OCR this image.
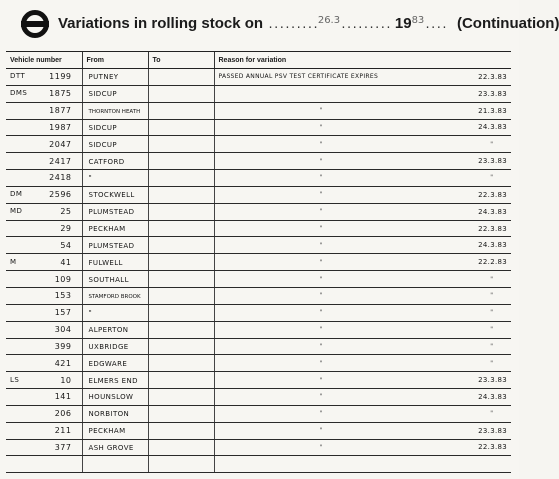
Variations in rolling stock on .........$^{26.3}$......... $19^{83}$.... (Continuation)
Vehicle number	From	To	Reason for variation

DTT 1199	PUTNEY		PASSED ANNUAL PSV TEST CERTIFICATE EXPIRES 22.3.83

DMS 1875	SIDCUP		23.3.83

1877	THORNTON HEATH		" 21.3.83

1987	SIDCUP		" 24.3.83

2047	SIDCUP		" "

2417	CATFORD		" 23.3.83

2418	"		" "

DM 2596	STOCKWELL		" 22.3.83

MD 25	PLUMSTEAD		" 24.3.83

29	PECKHAM		" 22.3.83

54	PLUMSTEAD		" 24.3.83

M 41	FULWELL		" 22.2.83

109	SOUTHALL		" "

153	STAMFORD BROOK		" "

157	"		" "

304	ALPERTON		" "

399	UXBRIDGE		" "

421	EDGWARE		" "

LS 10	ELMERS END		" 23.3.83

141	HOUNSLOW		" 24.3.83

206	NORBITON		" "

211	PECKHAM		" 23.3.83

377	ASH GROVE		" 22.3.83
